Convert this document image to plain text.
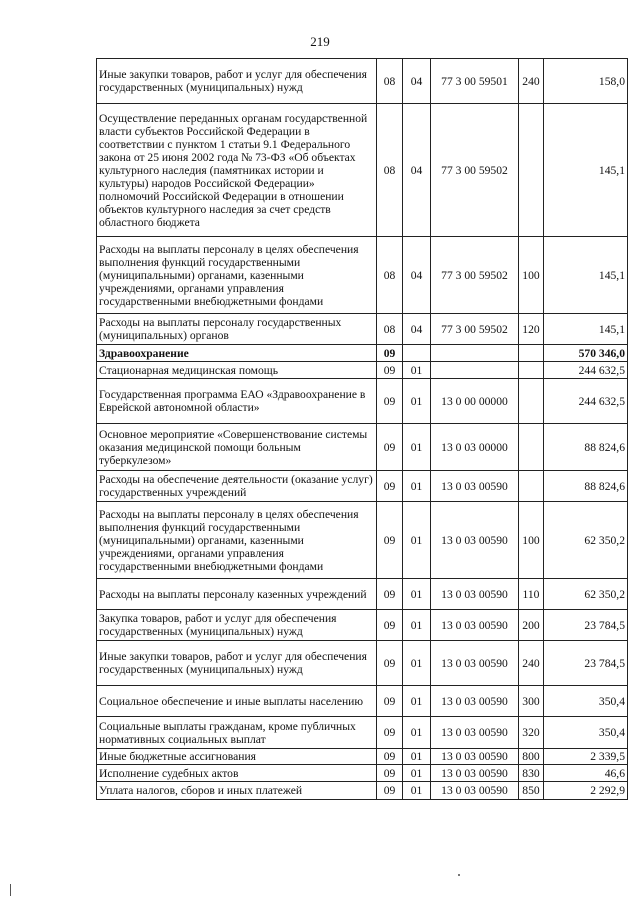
219
Иные закупки товаров, работ и услуг для обеспечения государственных (муниципальных) нужд	08	04	77 3 00 59501	240	158,0
Осуществление переданных органам государственной власти субъектов Российской Федерации в соответствии с пунктом 1 статьи 9.1 Федерального закона от 25 июня 2002 года № 73-ФЗ «Об объектах культурного наследия (памятниках истории и культуры) народов Российской Федерации» полномочий Российской Федерации в отношении объектов культурного наследия за счет средств областного бюджета	08	04	77 3 00 59502		145,1
Расходы на выплаты персоналу в целях обеспечения выполнения функций государственными (муниципальными) органами, казенными учреждениями, органами управления государственными внебюджетными фондами	08	04	77 3 00 59502	100	145,1
Расходы на выплаты персоналу государственных (муниципальных) органов	08	04	77 3 00 59502	120	145,1
Здравоохранение	09				570 346,0
Стационарная медицинская помощь	09	01			244 632,5
Государственная программа ЕАО «Здравоохранение в Еврейской автономной области»	09	01	13 0 00 00000		244 632,5
Основное мероприятие «Совершенствование системы оказания медицинской помощи больным туберкулезом»	09	01	13 0 03 00000		88 824,6
Расходы на обеспечение деятельности (оказание услуг) государственных учреждений	09	01	13 0 03 00590		88 824,6
Расходы на выплаты персоналу в целях обеспечения выполнения функций государственными (муниципальными) органами, казенными учреждениями, органами управления государственными внебюджетными фондами	09	01	13 0 03 00590	100	62 350,2
Расходы на выплаты персоналу казенных учреждений	09	01	13 0 03 00590	110	62 350,2
Закупка товаров, работ и услуг для обеспечения государственных (муниципальных) нужд	09	01	13 0 03 00590	200	23 784,5
Иные закупки товаров, работ и услуг для обеспечения государственных (муниципальных) нужд	09	01	13 0 03 00590	240	23 784,5
Социальное обеспечение и иные выплаты населению	09	01	13 0 03 00590	300	350,4
Социальные выплаты гражданам, кроме публичных нормативных социальных выплат	09	01	13 0 03 00590	320	350,4
Иные бюджетные ассигнования	09	01	13 0 03 00590	800	2 339,5
Исполнение судебных актов	09	01	13 0 03 00590	830	46,6
Уплата налогов, сборов и иных платежей	09	01	13 0 03 00590	850	2 292,9
